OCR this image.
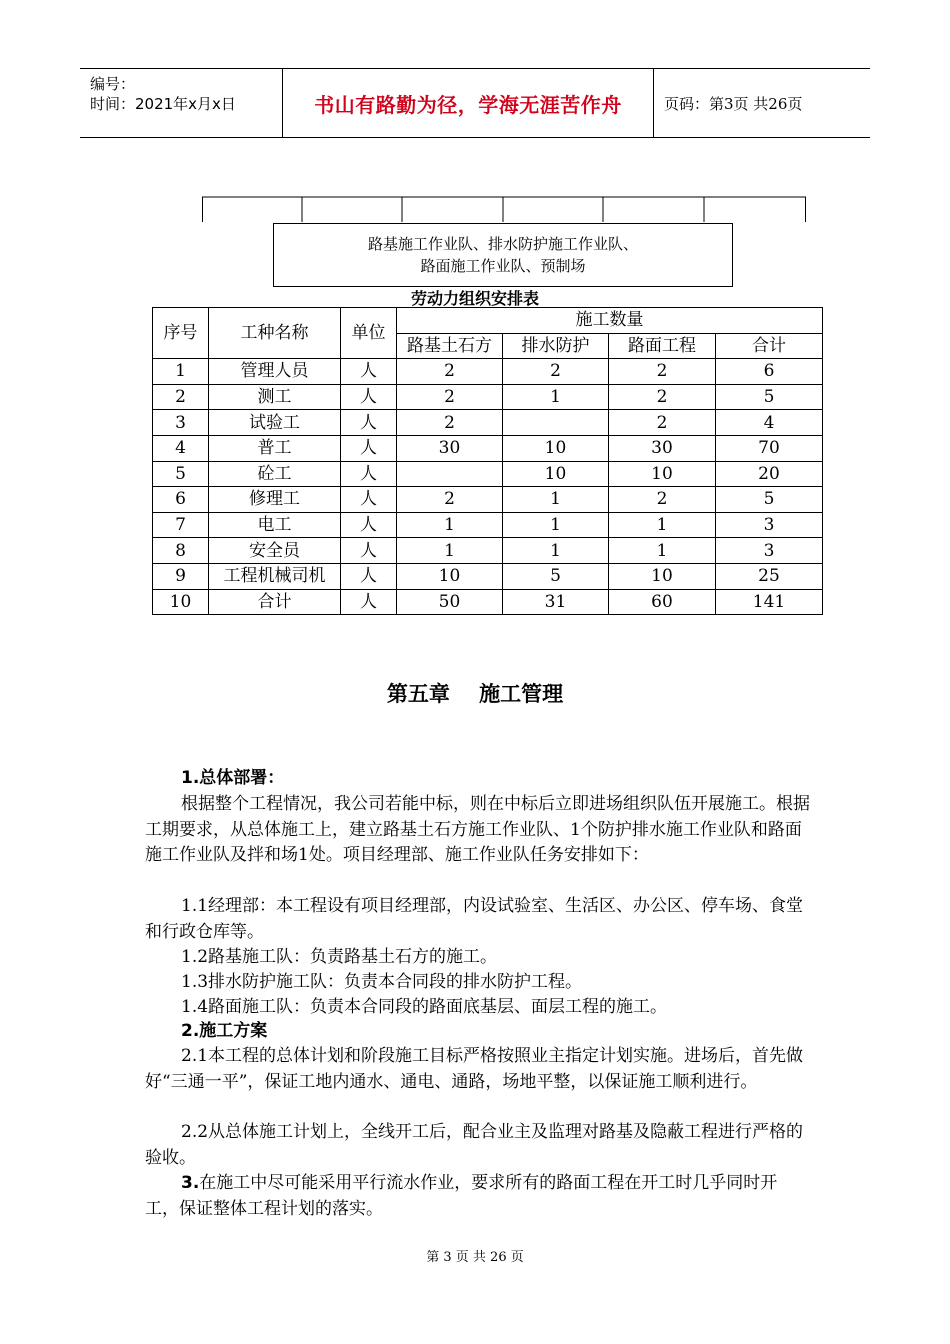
编号：
时间：2021年x月x日	书山有路勤为径，学海无涯苦作舟	页码：第3页 共26页
路基施工作业队、排水防护施工作业队、
路面施工作业队、预制场
劳动力组织安排表
序号	工种名称	单位	施工数量			
			路基土石方	排水防护	路面工程	合计
1	管理人员	人	2	2	2	6
2	测工	人	2	1	2	5
3	试验工	人	2		2	4
4	普工	人	30	10	30	70
5	砼工	人		10	10	20
6	修理工	人	2	1	2	5
7	电工	人	1	1	1	3
8	安全员	人	1	1	1	3
9	工程机械司机	人	10	5	10	25
10	合计	人	50	31	60	141
第五章    施工管理
1.总体部署：
根据整个工程情况，我公司若能中标，则在中标后立即进场组织队伍开展施工。根据工期要求，从总体施工上，建立路基土石方施工作业队、1个防护排水施工作业队和路面施工作业队及拌和场1处。项目经理部、施工作业队任务安排如下：
1.1经理部：本工程设有项目经理部，内设试验室、生活区、办公区、停车场、食堂和行政仓库等。
1.2路基施工队：负责路基土石方的施工。
1.3排水防护施工队：负责本合同段的排水防护工程。
1.4路面施工队：负责本合同段的路面底基层、面层工程的施工。
2.施工方案
2.1本工程的总体计划和阶段施工目标严格按照业主指定计划实施。进场后，首先做好“三通一平”，保证工地内通水、通电、通路，场地平整，以保证施工顺利进行。
2.2从总体施工计划上，全线开工后，配合业主及监理对路基及隐蔽工程进行严格的验收。
3.在施工中尽可能采用平行流水作业，要求所有的路面工程在开工时几乎同时开工，保证整体工程计划的落实。
第 3 页 共 26 页
